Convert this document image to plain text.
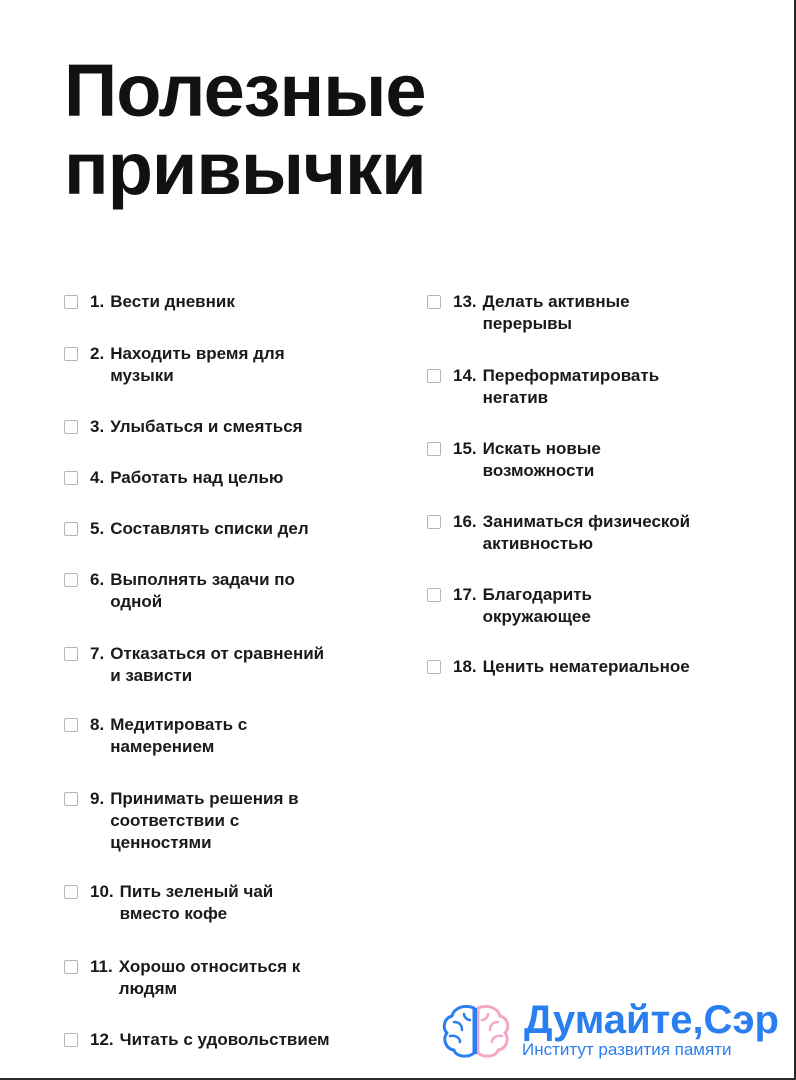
Полезные
привычки
1. Вести дневник
2. Находить время для
музыки
3. Улыбаться и смеяться
4. Работать над целью
5. Составлять списки дел
6. Выполнять задачи по
одной
7. Отказаться от сравнений
и зависти
8. Медитировать с
намерением
9. Принимать решения в
соответствии с
ценностями
10. Пить зеленый чай
вместо кофе
11. Хорошо относиться к
людям
12. Читать с удовольствием
13. Делать активные
перерывы
14. Переформатировать
негатив
15. Искать новые
возможности
16. Заниматься физической
активностью
17. Благодарить
окружающее
18. Ценить нематериальное
Думайте,Сэр
Институт развития памяти
